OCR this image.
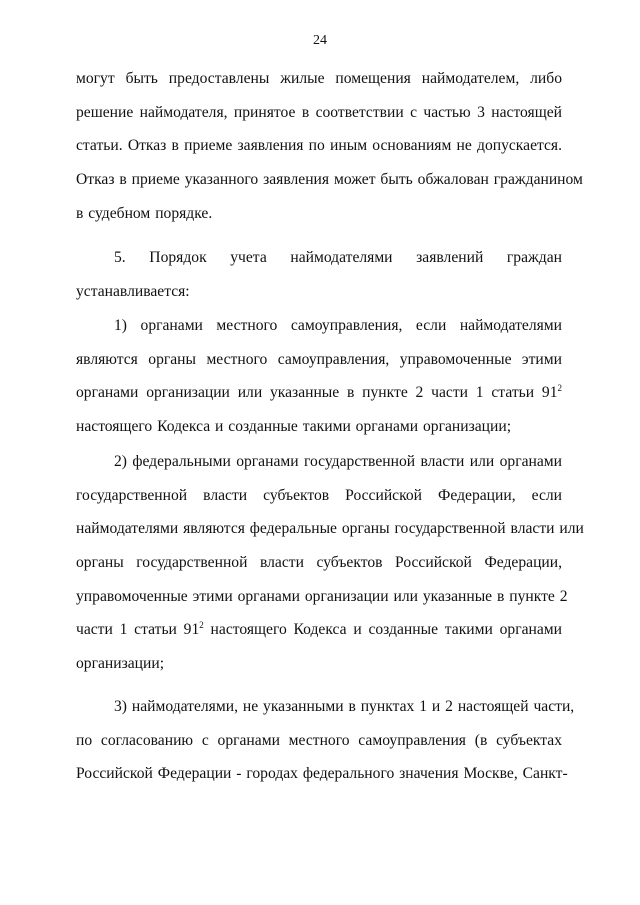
24
могут быть предоставлены жилые помещения наймодателем, либо
решение наймодателя, принятое в соответствии с частью 3 настоящей
статьи. Отказ в приеме заявления по иным основаниям не допускается.
Отказ в приеме указанного заявления может быть обжалован гражданином
в судебном порядке.
5. Порядок учета наймодателями заявлений граждан
устанавливается:
1) органами местного самоуправления, если наймодателями
являются органы местного самоуправления, управомоченные этими
органами организации или указанные в пункте 2 части 1 статьи $91^2$
настоящего Кодекса и созданные такими органами организации;
2) федеральными органами государственной власти или органами
государственной власти субъектов Российской Федерации, если
наймодателями являются федеральные органы государственной власти или
органы государственной власти субъектов Российской Федерации,
управомоченные этими органами организации или указанные в пункте 2
части 1 статьи $91^2$ настоящего Кодекса и созданные такими органами
организации;
3) наймодателями, не указанными в пунктах 1 и 2 настоящей части,
по согласованию с органами местного самоуправления (в субъектах
Российской Федерации - городах федерального значения Москве, Санкт-
